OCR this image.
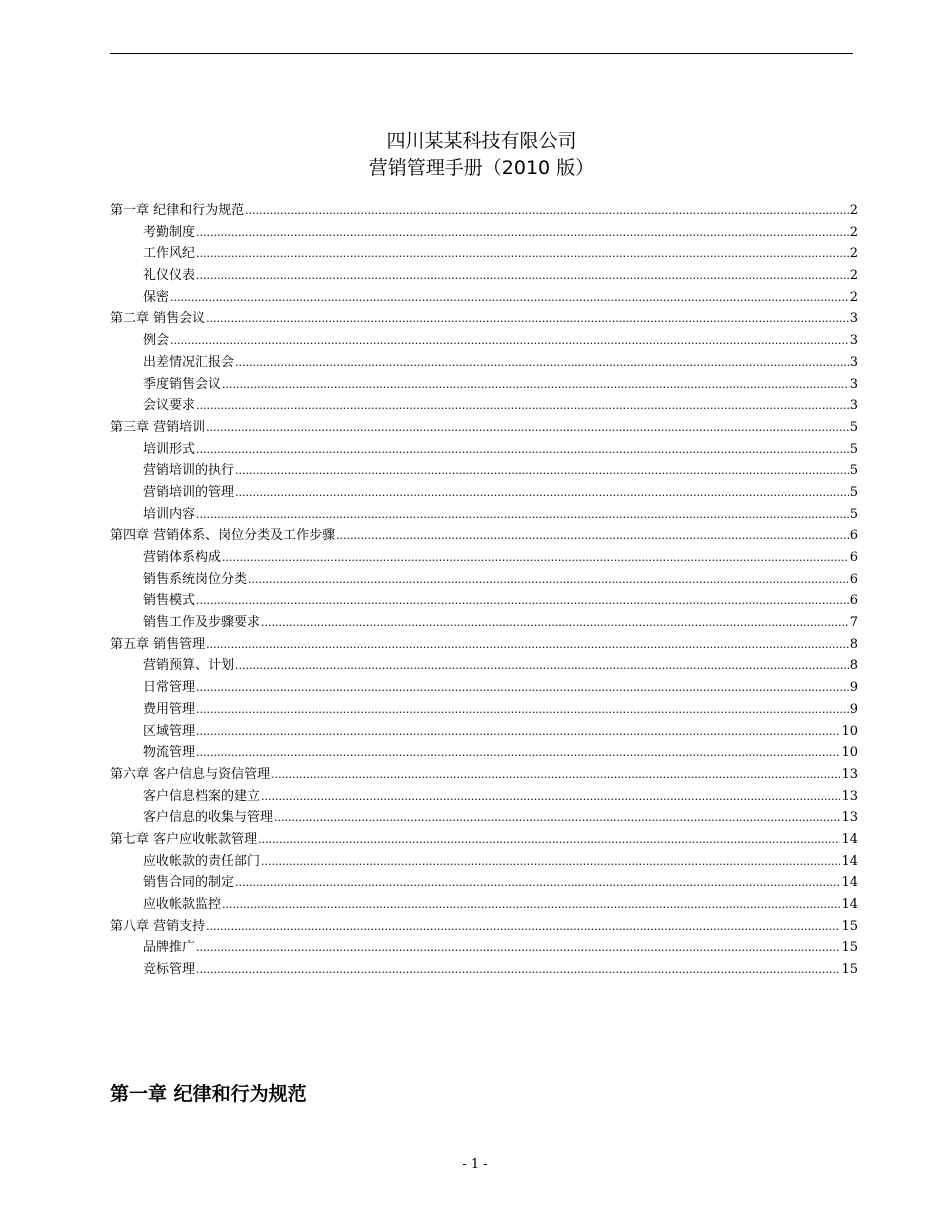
四川某某科技有限公司
营销管理手册（2010 版）
第一章 纪律和行为规范 .....	2
考勤制度 .....	2
工作风纪 .....	2
礼仪仪表 .....	2
保密 .....	2
第二章 销售会议 .....	3
例会 .....	3
出差情况汇报会 .....	3
季度销售会议 .....	3
会议要求 .....	3
第三章 营销培训 .....	5
培训形式 .....	5
营销培训的执行 .....	5
营销培训的管理 .....	5
培训内容 .....	5
第四章 营销体系、岗位分类及工作步骤 .....	6
营销体系构成 .....	6
销售系统岗位分类 .....	6
销售模式 .....	6
销售工作及步骤要求 .....	7
第五章 销售管理 .....	8
营销预算、计划 .....	8
日常管理 .....	9
费用管理 .....	9
区域管理 .....	10
物流管理 .....	10
第六章 客户信息与资信管理 .....	13
客户信息档案的建立 .....	13
客户信息的收集与管理 .....	13
第七章 客户应收帐款管理 .....	14
应收帐款的责任部门 .....	14
销售合同的制定 .....	14
应收帐款监控 .....	14
第八章 营销支持 .....	15
品牌推广 .....	15
竞标管理 .....	15
第一章 纪律和行为规范
- 1 -
